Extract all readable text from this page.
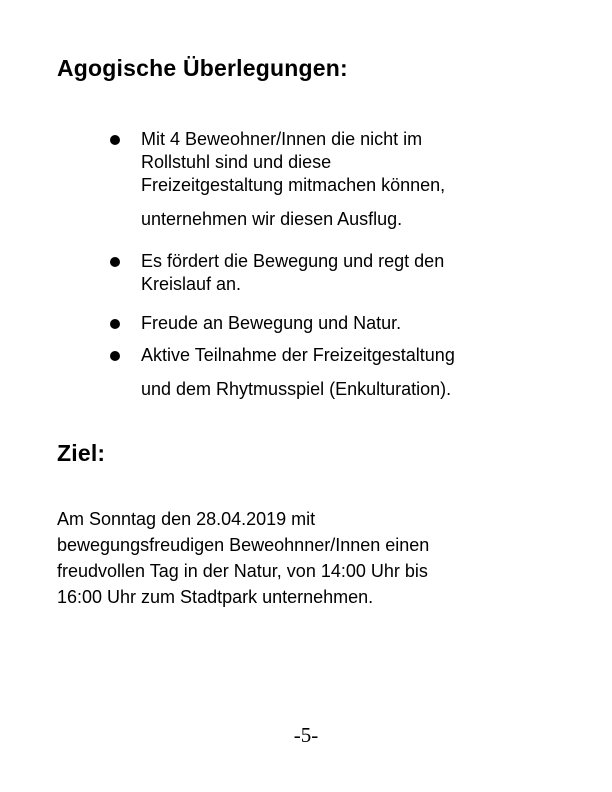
Agogische Überlegungen:
Mit 4 Beweohner/Innen die nicht im
Rollstuhl sind und diese
Freizeitgestaltung mitmachen können,
unternehmen wir diesen Ausflug.
Es fördert die Bewegung und regt den
Kreislauf an.
Freude an Bewegung und Natur.
Aktive Teilnahme der Freizeitgestaltung
und dem Rhytmusspiel (Enkulturation).
Ziel:

Am Sonntag den 28.04.2019 mit
bewegungsfreudigen Beweohnner/Innen einen
freudvollen Tag in der Natur, von 14:00 Uhr bis
16:00 Uhr zum Stadtpark unternehmen.

-5-
